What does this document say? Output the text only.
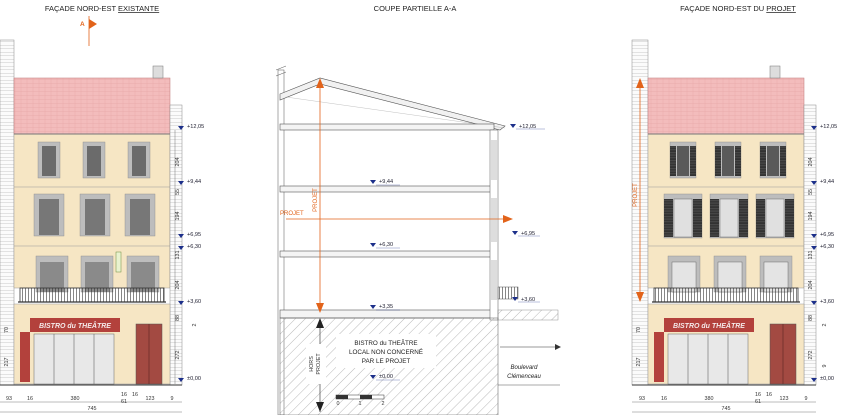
FAÇADE NORD-EST EXISTANTE	COUPE PARTIELLE A-A	FAÇADE NORD-EST DU PROJET
A
BISTRO du THEÂTRE
+12,05
+9,44
+6,95
+6,30
+3,60
±0,00
204
55
194
131
204
88
272
70
217
2
93	16	380
16 16
61	123	9
745
PROJET
PROJET
HORS PROJET
BISTRO du THEÂTRE
LOCAL NON CONCERNÉ
PAR LE PROJET
Boulevard
Clémenceau
0	1	2
+12,05
+9,44
+6,95
+6,30
+3,60
+3,35
±0,00
BISTRO du THEÂTRE
PROJET
+12,05
+9,44
+6,95
+6,30
+3,60
±0,00
204
55
194
131
204
88
272
70
217
2
9
93	16	380
16 16
61	123	9
745
